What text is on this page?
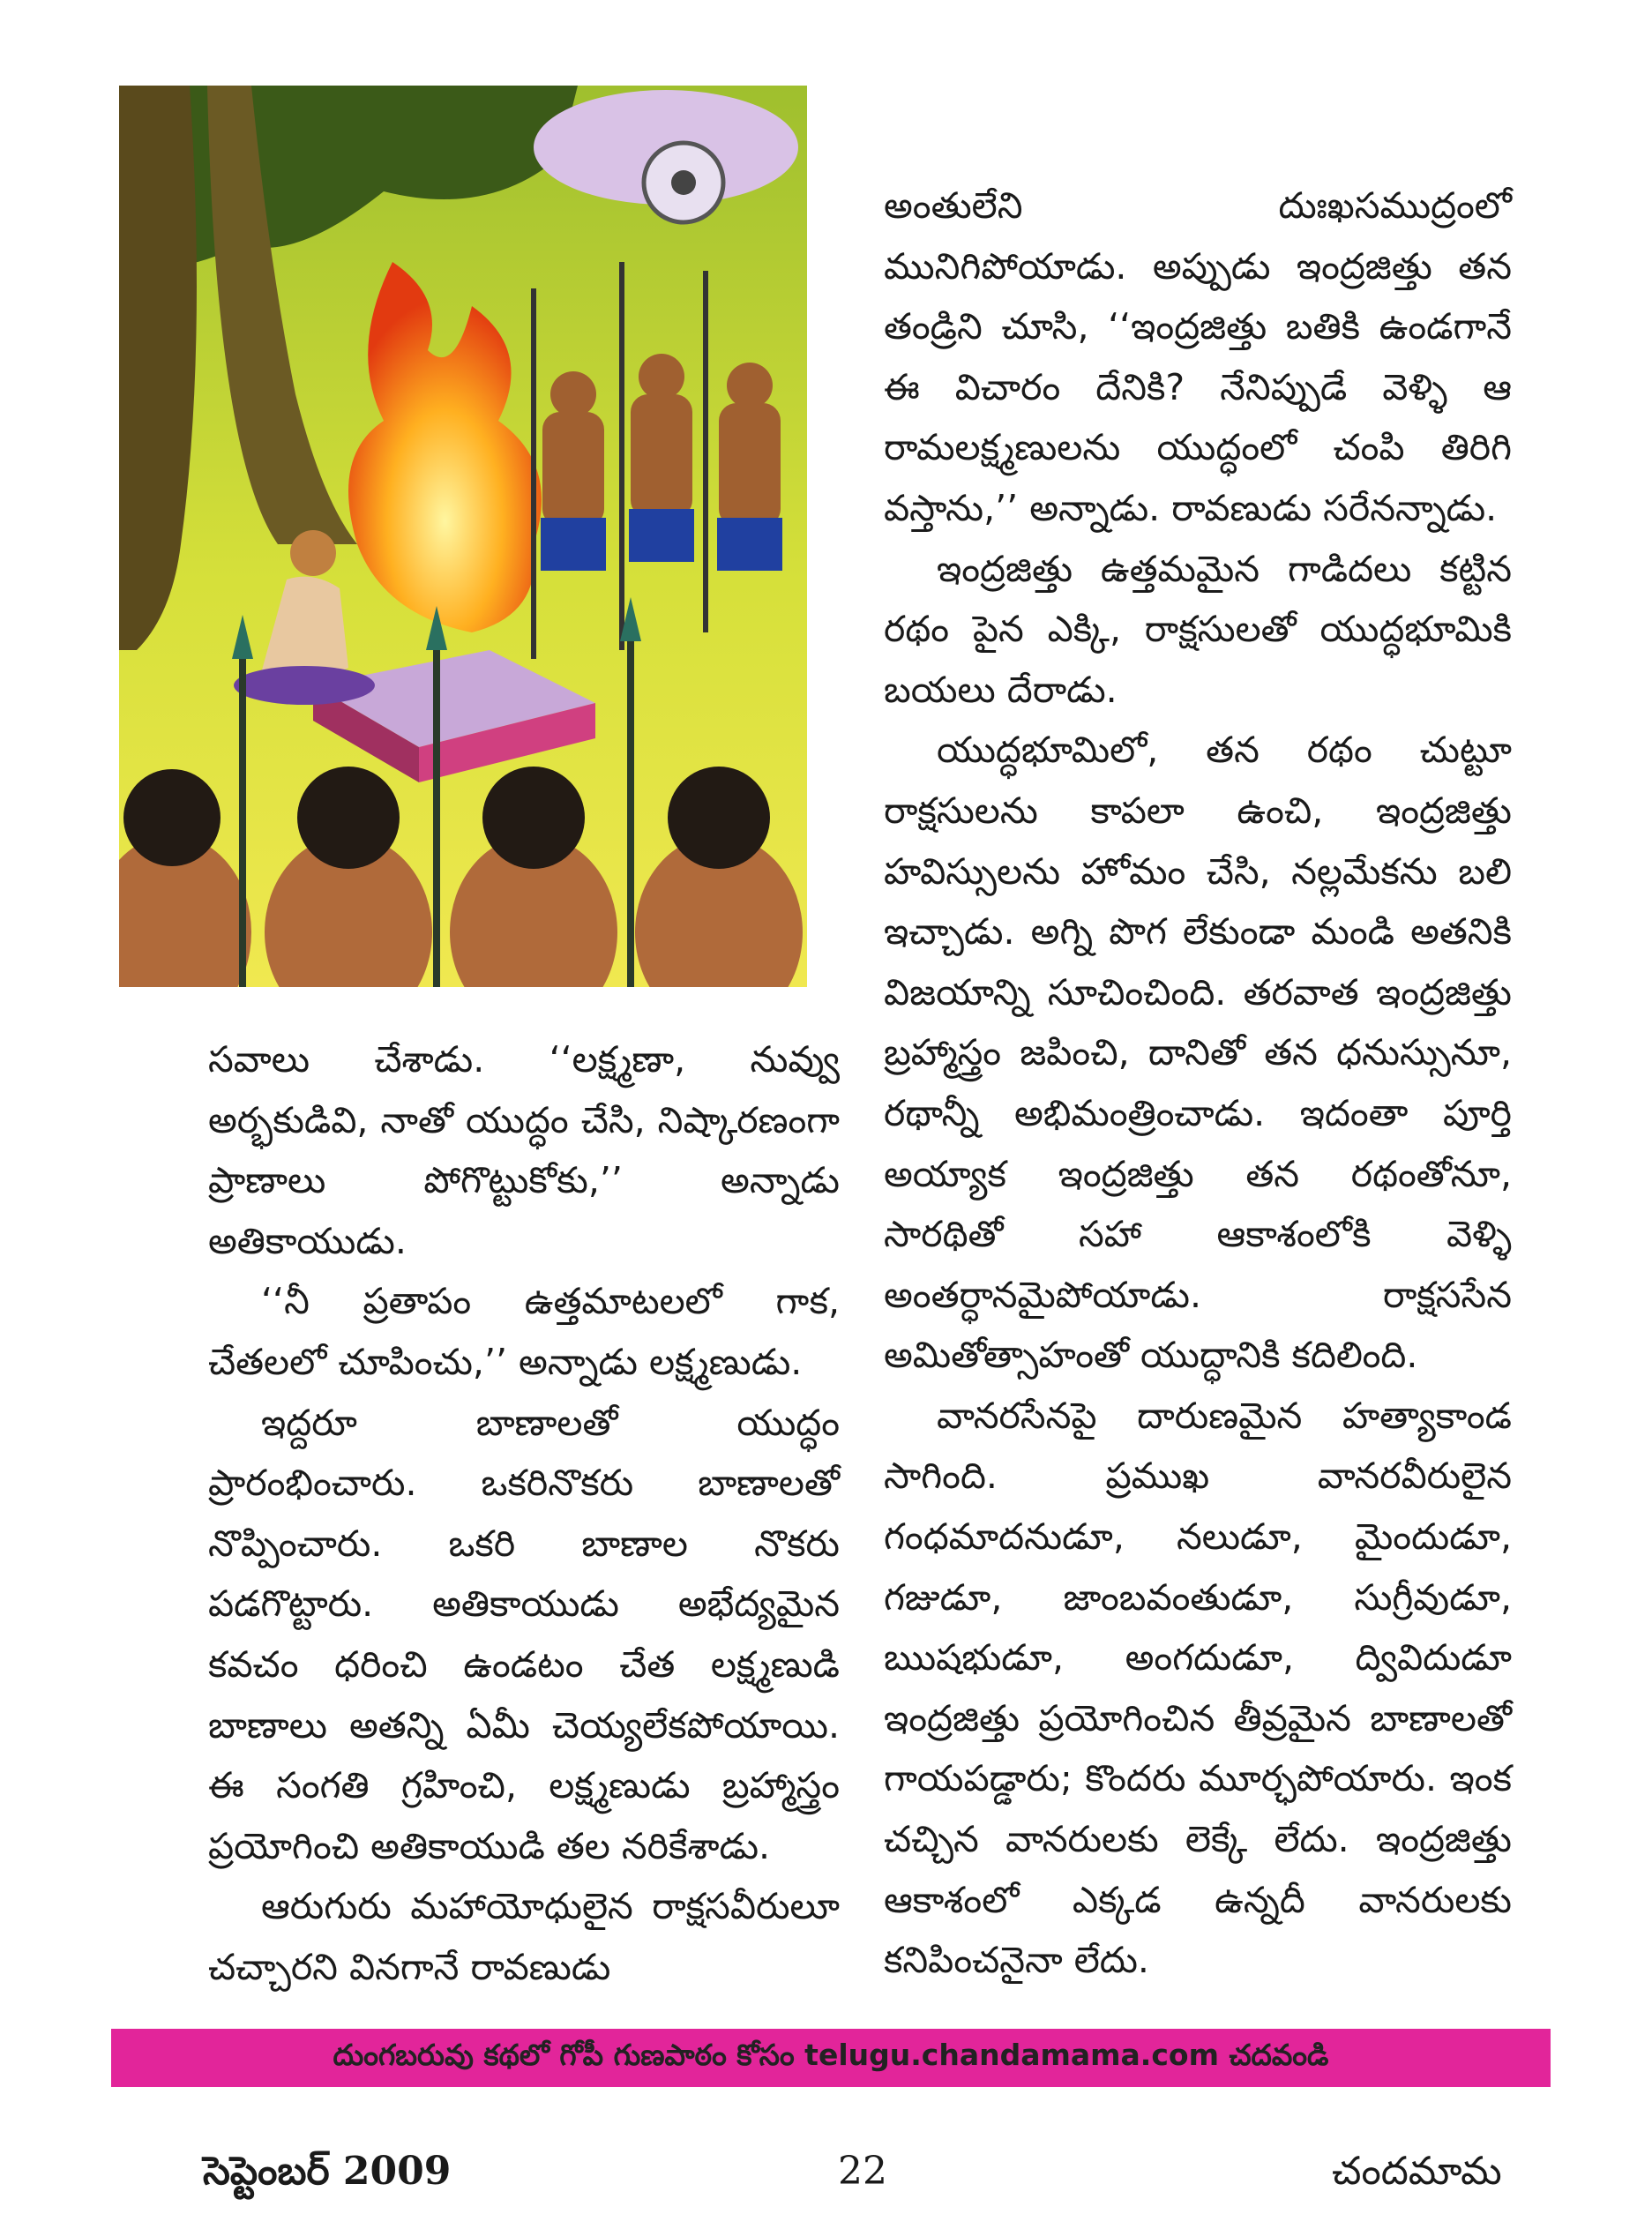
సవాలు చేశాడు. ‘‘లక్ష్మణా, నువ్వు అర్భకుడివి, నాతో యుద్ధం చేసి, నిష్కారణంగా ప్రాణాలు పోగొట్టుకోకు,’’ అన్నాడు అతికాయుడు.

‘‘నీ ప్రతాపం ఉత్తమాటలలో గాక, చేతలలో చూపించు,’’ అన్నాడు లక్ష్మణుడు.

ఇద్దరూ బాణాలతో యుద్ధం ప్రారంభించారు. ఒకరినొకరు బాణాలతో నొప్పించారు. ఒకరి బాణాల నొకరు పడగొట్టారు. అతికాయుడు అభేద్యమైన కవచం ధరించి ఉండటం చేత లక్ష్మణుడి బాణాలు అతన్ని ఏమీ చెయ్యలేకపోయాయి. ఈ సంగతి గ్రహించి, లక్ష్మణుడు బ్రహ్మాస్త్రం ప్రయోగించి అతికాయుడి తల నరికేశాడు.

ఆరుగురు మహాయోధులైన రాక్షసవీరులూ చచ్చారని వినగానే రావణుడు

అంతులేని దుఃఖసముద్రంలో మునిగిపోయాడు. అప్పుడు ఇంద్రజిత్తు తన తండ్రిని చూసి, ‘‘ఇంద్రజిత్తు బతికి ఉండగానే ఈ విచారం దేనికి? నేనిప్పుడే వెళ్ళి ఆ రామలక్ష్మణులను యుద్ధంలో చంపి తిరిగి వస్తాను,’’ అన్నాడు. రావణుడు సరేనన్నాడు.

ఇంద్రజిత్తు ఉత్తమమైన గాడిదలు కట్టిన రథం పైన ఎక్కి, రాక్షసులతో యుద్ధభూమికి బయలు దేరాడు.

యుద్ధభూమిలో, తన రథం చుట్టూ రాక్షసులను కాపలా ఉంచి, ఇంద్రజిత్తు హవిస్సులను హోమం చేసి, నల్లమేకను బలి ఇచ్చాడు. అగ్ని పొగ లేకుండా మండి అతనికి విజయాన్ని సూచించింది. తరవాత ఇంద్రజిత్తు బ్రహ్మాస్త్రం జపించి, దానితో తన ధనుస్సునూ, రథాన్నీ అభిమంత్రించాడు. ఇదంతా పూర్తి అయ్యాక ఇంద్రజిత్తు తన రథంతోనూ, సారథితో సహా ఆకాశంలోకి వెళ్ళి అంతర్ధానమైపోయాడు. రాక్షససేన అమితోత్సాహంతో యుద్ధానికి కదిలింది.

వానరసేనపై దారుణమైన హత్యాకాండ సాగింది. ప్రముఖ వానరవీరులైన గంధమాదనుడూ, నలుడూ, మైందుడూ, గజుడూ, జాంబవంతుడూ, సుగ్రీవుడూ, ఋషభుడూ, అంగదుడూ, ద్వివిదుడూ ఇంద్రజిత్తు ప్రయోగించిన తీవ్రమైన బాణాలతో గాయపడ్డారు; కొందరు మూర్ఛపోయారు. ఇంక చచ్చిన వానరులకు లెక్కే లేదు. ఇంద్రజిత్తు ఆకాశంలో ఎక్కడ ఉన్నదీ వానరులకు కనిపించనైనా లేదు.

దుంగబరువు కథలో గోపీ గుణపాఠం కోసం telugu.chandamama.com చదవండి
సెప్టెంబర్ 2009	22	చందమామ
